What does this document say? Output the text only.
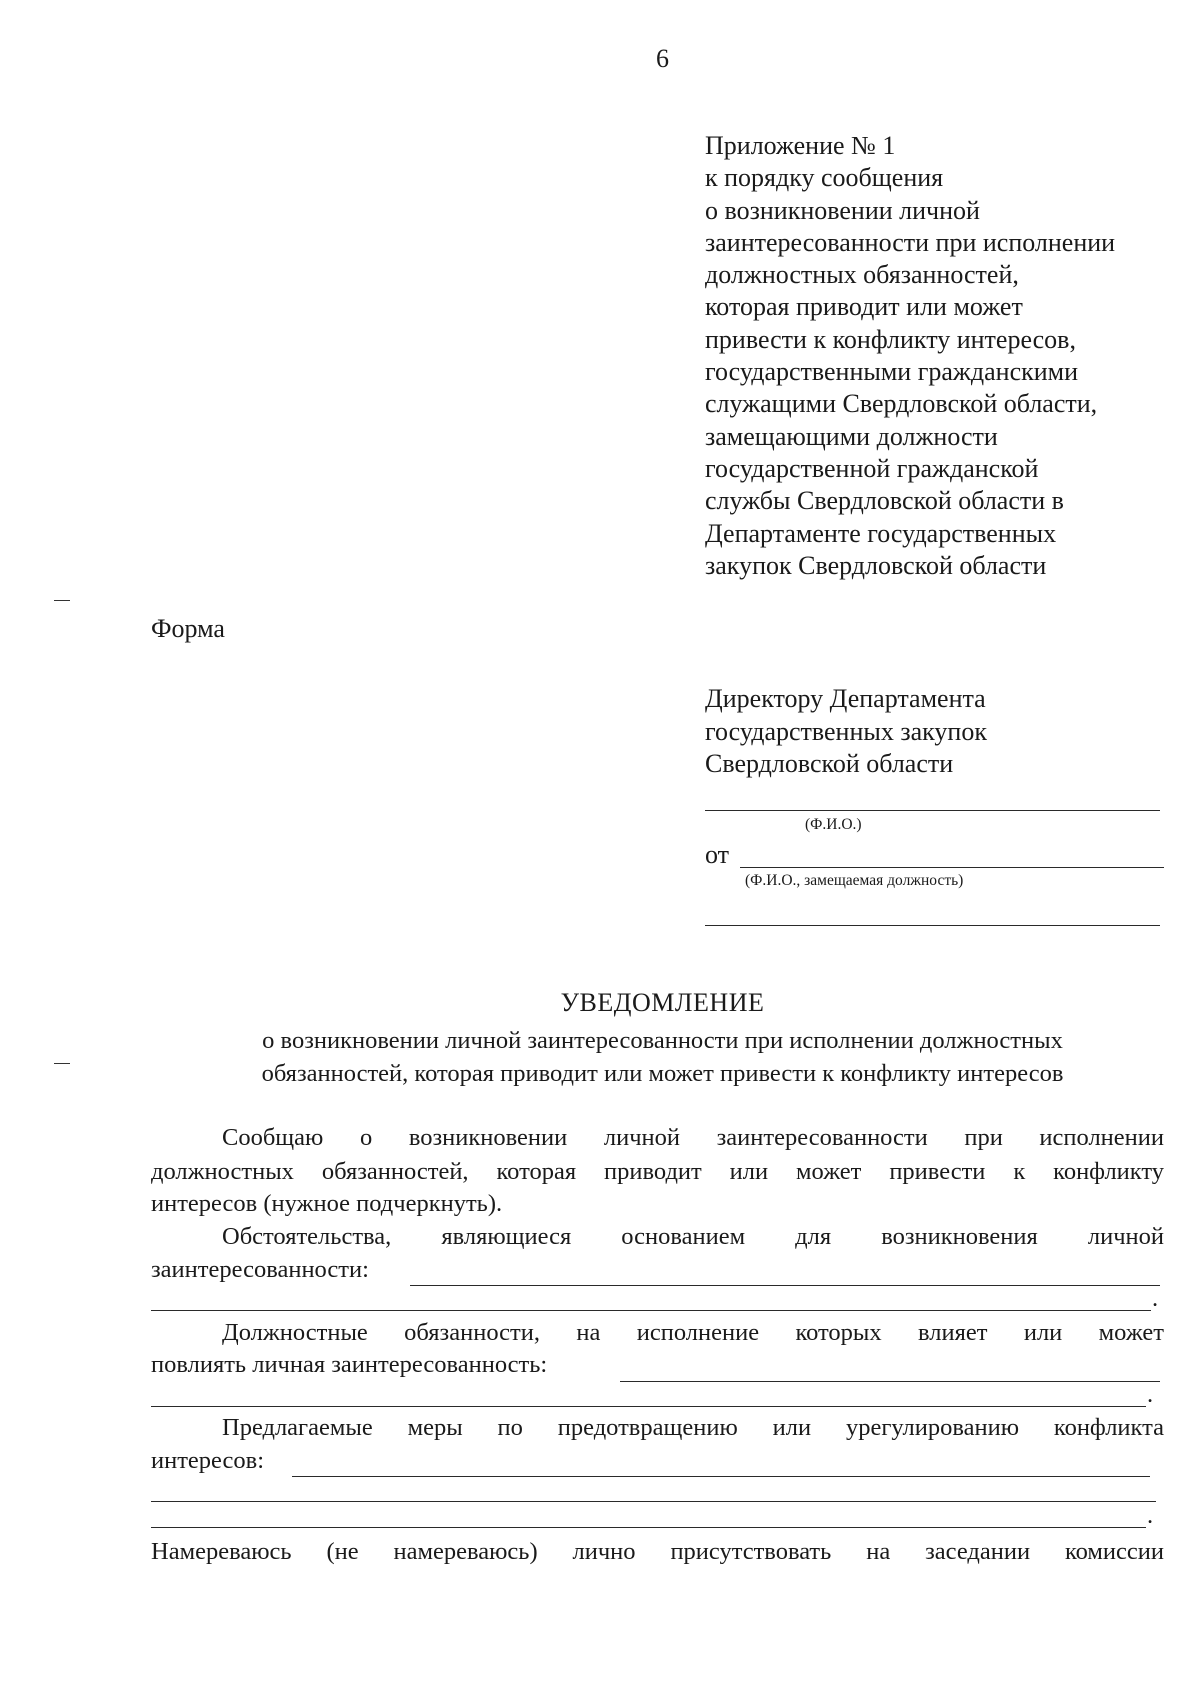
6
Приложение № 1
к порядку сообщения
о возникновении личной
заинтересованности при исполнении
должностных обязанностей,
которая приводит или может
привести к конфликту интересов,
государственными гражданскими
служащими Свердловской области,
замещающими должности
государственной гражданской
службы Свердловской области в
Департаменте государственных
закупок Свердловской области
Форма
Директору Департамента
государственных закупок
Свердловской области
(Ф.И.О.)
от
(Ф.И.О., замещаемая должность)
УВЕДОМЛЕНИЕ
о возникновении личной заинтересованности при исполнении должностных
обязанностей, которая приводит или может привести к конфликту интересов
Сообщаю о возникновении личной заинтересованности при исполнении
должностных обязанностей, которая приводит или может привести к конфликту
интересов (нужное подчеркнуть).
Обстоятельства, являющиеся основанием для возникновения личной
заинтересованности:
.
Должностные обязанности, на исполнение которых влияет или может
повлиять личная заинтересованность:
.
Предлагаемые меры по предотвращению или урегулированию конфликта
интересов:
.
Намереваюсь (не намереваюсь) лично присутствовать на заседании комиссии
